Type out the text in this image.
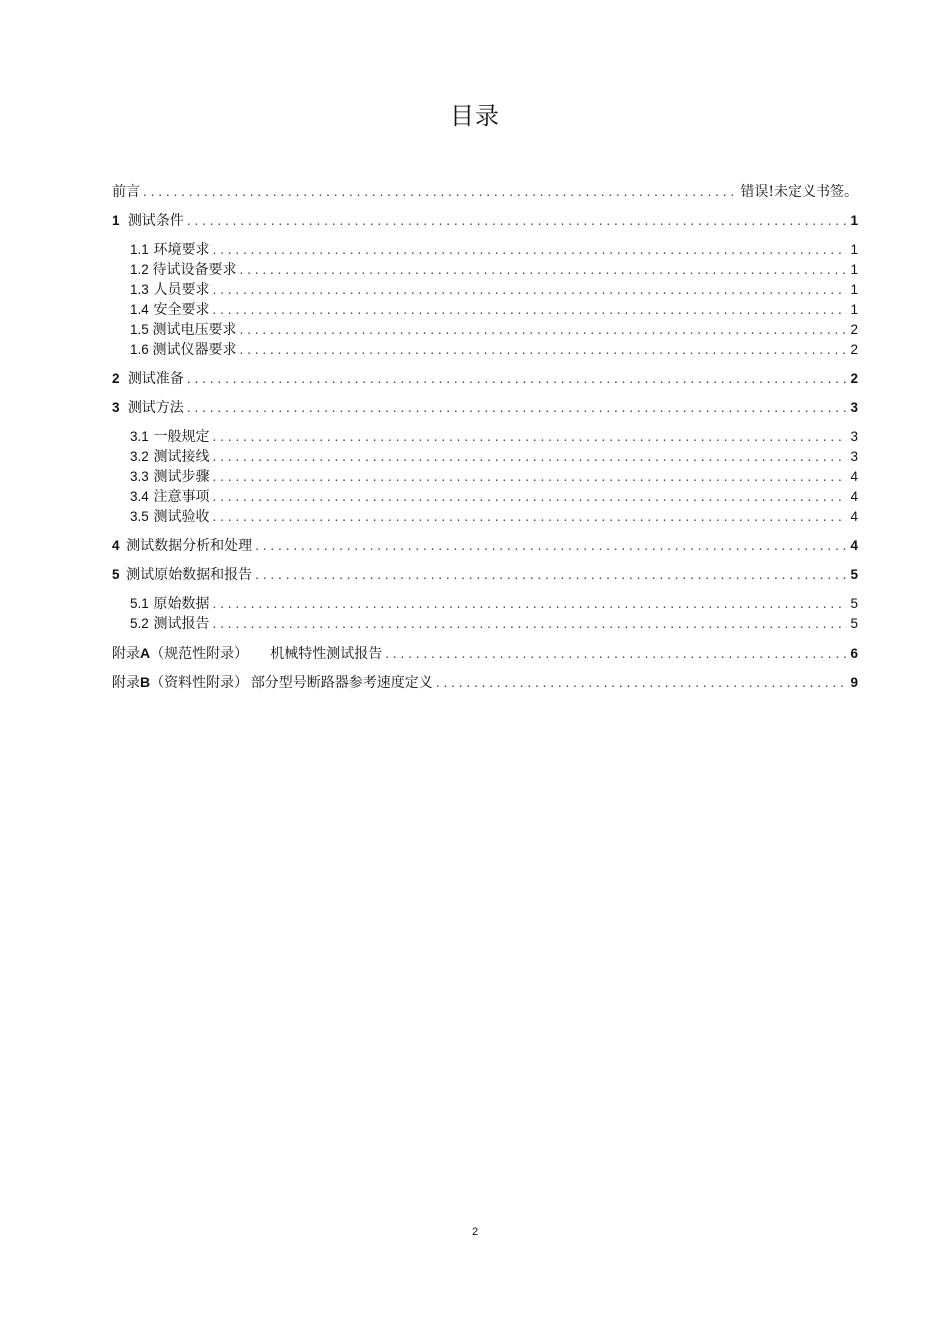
目录
前言 . . .	错误!未定义书签。
1 测试条件 . . .	1
1.1 环境要求 . . .	1
1.2 待试设备要求 . . .	1
1.3 人员要求 . . .	1
1.4 安全要求 . . .	1
1.5 测试电压要求 . . .	2
1.6 测试仪器要求 . . .	2
2 测试准备 . . .	2
3 测试方法 . . .	3
3.1 一般规定 . . .	3
3.2 测试接线 . . .	3
3.3 测试步骤 . . .	4
3.4 注意事项 . . .	4
3.5 测试验收 . . .	4
4 测试数据分析和处理 . . .	4
5 测试原始数据和报告 . . .	5
5.1 原始数据 . . .	5
5.2 测试报告 . . .	5
附录 A （规范性附录） 机械特性测试报告 . . .	6
附录 B （资料性附录） 部分型号断路器参考速度定义 . . .	9
2
